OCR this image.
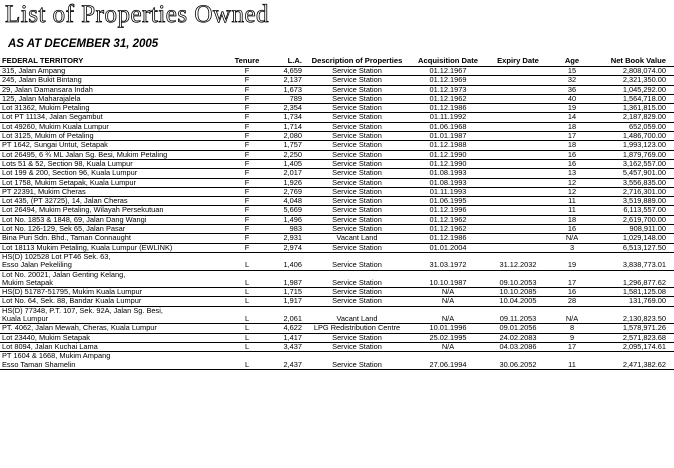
List of Properties Owned
AS AT DECEMBER 31, 2005
FEDERAL TERRITORY	Tenure	L.A.	Description of Properties	Acquisition Date	Expiry Date	Age	Net Book Value

315, Jalan Ampang	F	4,659	Service Station	01.12.1967		15	2,808,074.00

245, Jalan Bukit Bintang	F	2,137	Service Station	01.12.1969		32	2,321,350.00

29, Jalan Damansara Indah	F	1,673	Service Station	01.12.1973		36	1,045,292.00

125, Jalan Maharajalela	F	789	Service Station	01.12.1962		40	1,564,718.00

Lot 31362, Mukim Petaling	F	2,354	Service Station	01.12.1986		19	1,361,815.00

Lot PT 11134, Jalan Segambut	F	1,734	Service Station	01.11.1992		14	2,187,829.00

Lot 49260, Mukim Kuala Lumpur	F	1,714	Service Station	01.06.1968		18	652,059.00

Lot 3125, Mukim of Petaling	F	2,080	Service Station	01.01.1987		17	1,486,700.00

PT 1642, Sungai Untut, Setapak	F	1,757	Service Station	01.12.1988		18	1,993,123.00

Lot 26495, 6 ¾ ML Jalan Sg. Besi, Mukim Petaling	F	2,250	Service Station	01.12.1990		16	1,879,769.00

Lots 51 & 52, Section 98, Kuala Lumpur	F	1,405	Service Station	01.12.1990		16	3,162,557.00

Lot 199 & 200, Section 96, Kuala Lumpur	F	2,017	Service Station	01.08.1993		13	5,457,901.00

Lot 1758, Mukim Setapak, Kuala Lumpur	F	1,926	Service Station	01.08.1993		12	3,556,835.00

PT 22391, Mukim Cheras	F	2,769	Service Station	01.11.1993		12	2,716,301.00

Lot 435, (PT 32725), 14, Jalan Cheras	F	4,048	Service Station	01.06.1995		11	3,519,889.00

Lot 26494, Mukim Petaling, Wilayah Persekutuan	F	5,669	Service Station	01.12.1996		11	6,113,557.00

Lot No. 1853 & 1848, 69, Jalan Dang Wangi	F	1,496	Service Station	01.12.1962		18	2,619,700.00

Lot No. 126-129, Sek 65, Jalan Pasar	F	983	Service Station	01.12.1962		16	908,911.00

Bina Puri Sdn. Bhd., Taman Connaught	F	2,931	Vacant Land	01.12.1986		N/A	1,029,148.00

Lot 18113 Mukim Petaling, Kuala Lumpur (EWLINK)	F	2,974	Service Station	01.01.2004		3	6,513,127.50

HS(D) 102528 Lot PT46 Sek. 63,
Esso Jalan Pekeliling	L	1,406	Service Station	31.03.1972	31.12.2032	19	3,838,773.01

Lot No. 20021, Jalan Genting Kelang,
Mukim Setapak	L	1,987	Service Station	10.10.1987	09.10.2053	17	1,296,877.62

HS(D) 51787-51795, Mukim Kuala Lumpur	L	1,715	Service Station	N/A	10.10.2085	16	1,581,125.08

Lot No. 64, Sek. 88, Bandar Kuala Lumpur	L	1,917	Service Station	N/A	10.04.2005	28	131,769.00

HS(D) 77348, P.T. 107, Sek. 92A, Jalan Sg. Besi,
Kuala Lumpur	L	2,061	Vacant Land	N/A	09.11.2053	N/A	2,130,823.50

PT. 4062, Jalan Mewah, Cheras, Kuala Lumpur	L	4,622	LPG Redistribution Centre	10.01.1996	09.01.2056	8	1,578,971.26

Lot 23440, Mukim Setapak	L	1,417	Service Station	25.02.1995	24.02.2083	9	2,571,823.68

Lot 8094, Jalan Kuchai Lama	L	3,437	Service Station	N/A	04.03.2086	17	2,095,174.61

PT 1604 & 1668, Mukim Ampang
Esso Taman Shamelin	L	2,437	Service Station	27.06.1994	30.06.2052	11	2,471,382.62
